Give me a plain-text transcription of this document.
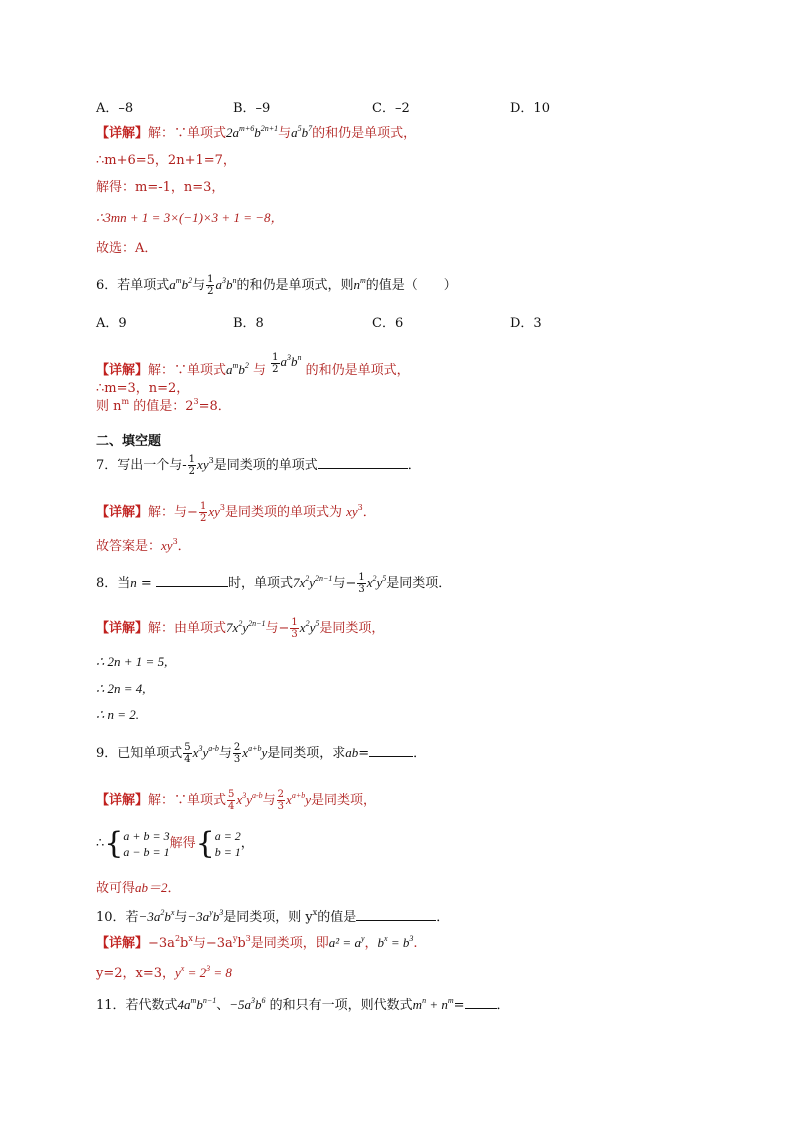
A．–8	B．–9	C．–2	D．10
【详解】解：∵单项式$2a^{m+6}b^{2n+1}$与$a^5b^7$的和仍是单项式，
∴m+6=5，2n+1=7，
解得：m=-1，n=3，
∴3mn + 1 = 3×(−1)×3 + 1 = −8，
故选：A．
6．若单项式$a^mb^2$与 $\frac{1}{2} a^3b^n$的和仍是单项式，则$n^m$的值是（　　）
A．9	B．8	C．6	D．3
【详解】解：∵单项式$a^mb^2$ 与 $\frac{1}{2} a^3b^n$ 的和仍是单项式，
∴m=3，n=2，
则 $n^m$ 的值是：$2^3=8$．
二、填空题
7．写出一个与- $\frac{1}{2} xy^3$是同类项的单项式	．
【详解】解：与− $\frac{1}{2} xy^3$是同类项的单项式为 $xy^3$．
故答案是：$xy^3$．
8．当n =	时，单项式$7x^2y^{2n-1}$与− $\frac{1}{3} x^2y^5$是同类项．
【详解】解：由单项式$7x^2y^{2n-1}$与− $\frac{1}{3} x^2y^5$是同类项，
∴ 2n + 1 = 5,
∴ 2n = 4,
∴ n = 2.
9．已知单项式 $\frac{5}{4} x^3y^{a-b}$与 $\frac{2}{3} x^{a+b}y$是同类项，求ab=	．
【详解】解：∵单项式 $\frac{5}{4} x^3y^{a-b}$与 $\frac{2}{3} x^{a+b}y$是同类项，
∴{ a + b = 3
a − b = 1
解得{ a = 2
b = 1
，
故可得ab＝2．
10．若$-3a^2b^x$与$-3a^yb^3$是同类项，则 $y^x$的值是	．
【详解】$-3a^2b^x$与$-3a^yb^3$是同类项，即$a^2 = a^y$，$b^x = b^3$.
y=2，x=3，$y^x = 2^3 = 8$
11．若代数式$4a^mb^{n-1}$、$-5a^3b^6$ 的和只有一项，则代数式$m^n + n^m=$ ．
